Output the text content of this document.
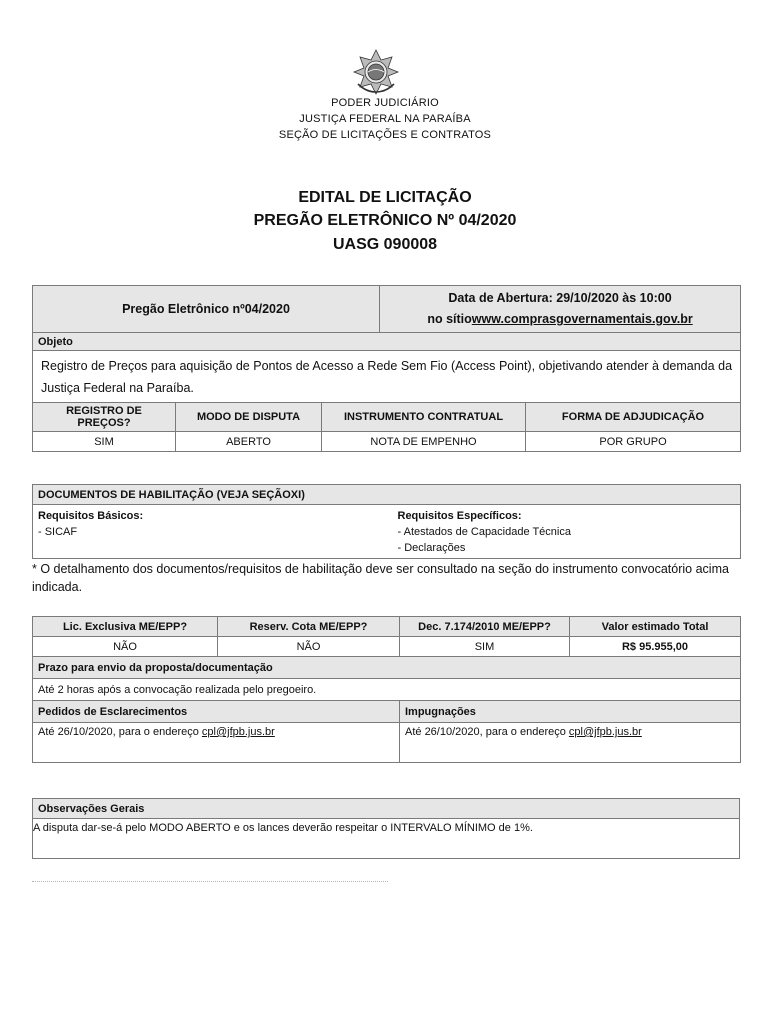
PODER JUDICIÁRIO
JUSTIÇA FEDERAL NA PARAÍBA
SEÇÃO DE LICITAÇÕES E CONTRATOS
EDITAL DE LICITAÇÃO
PREGÃO ELETRÔNICO Nº 04/2020
UASG 090008
Pregão Eletrônico nº04/2020			Data de Abertura: 29/10/2020 às 10:00
no sítiowww.comprasgovernamentais.gov.br	

Objeto				
Registro de Preços para aquisição de Pontos de Acesso a Rede Sem Fio (Access Point), objetivando atender à demanda da Justiça Federal na Paraíba.				
REGISTRO DE PREÇOS?	MODO DE DISPUTA	INSTRUMENTO CONTRATUAL		FORMA DE ADJUDICAÇÃO
SIM	ABERTO	NOTA DE EMPENHO		POR GRUPO
DOCUMENTOS DE HABILITAÇÃO (VEJA SEÇÃOXI)

Requisitos Básicos:
- SICAF

Requisitos Específicos:
- Atestados de Capacidade Técnica
- Declarações
* O detalhamento dos documentos/requisitos de habilitação deve ser consultado na seção do instrumento convocatório acima indicada.
Lic. Exclusiva ME/EPP?	Reserv. Cota ME/EPP?	Dec. 7.174/2010 ME/EPP?	Valor estimado Total
NÃO	NÃO	SIM	R$ 95.955,00
Prazo para envio da proposta/documentação			
Até 2 horas após a convocação realizada pelo pregoeiro.			
Pedidos de Esclarecimentos		Impugnações	
Até 26/10/2020, para o endereço cpl@jfpb.jus.br		Até 26/10/2020, para o endereço cpl@jfpb.jus.br	
Observações Gerais
A disputa dar-se-á pelo MODO ABERTO e os lances deverão respeitar o INTERVALO MÍNIMO de 1%.
